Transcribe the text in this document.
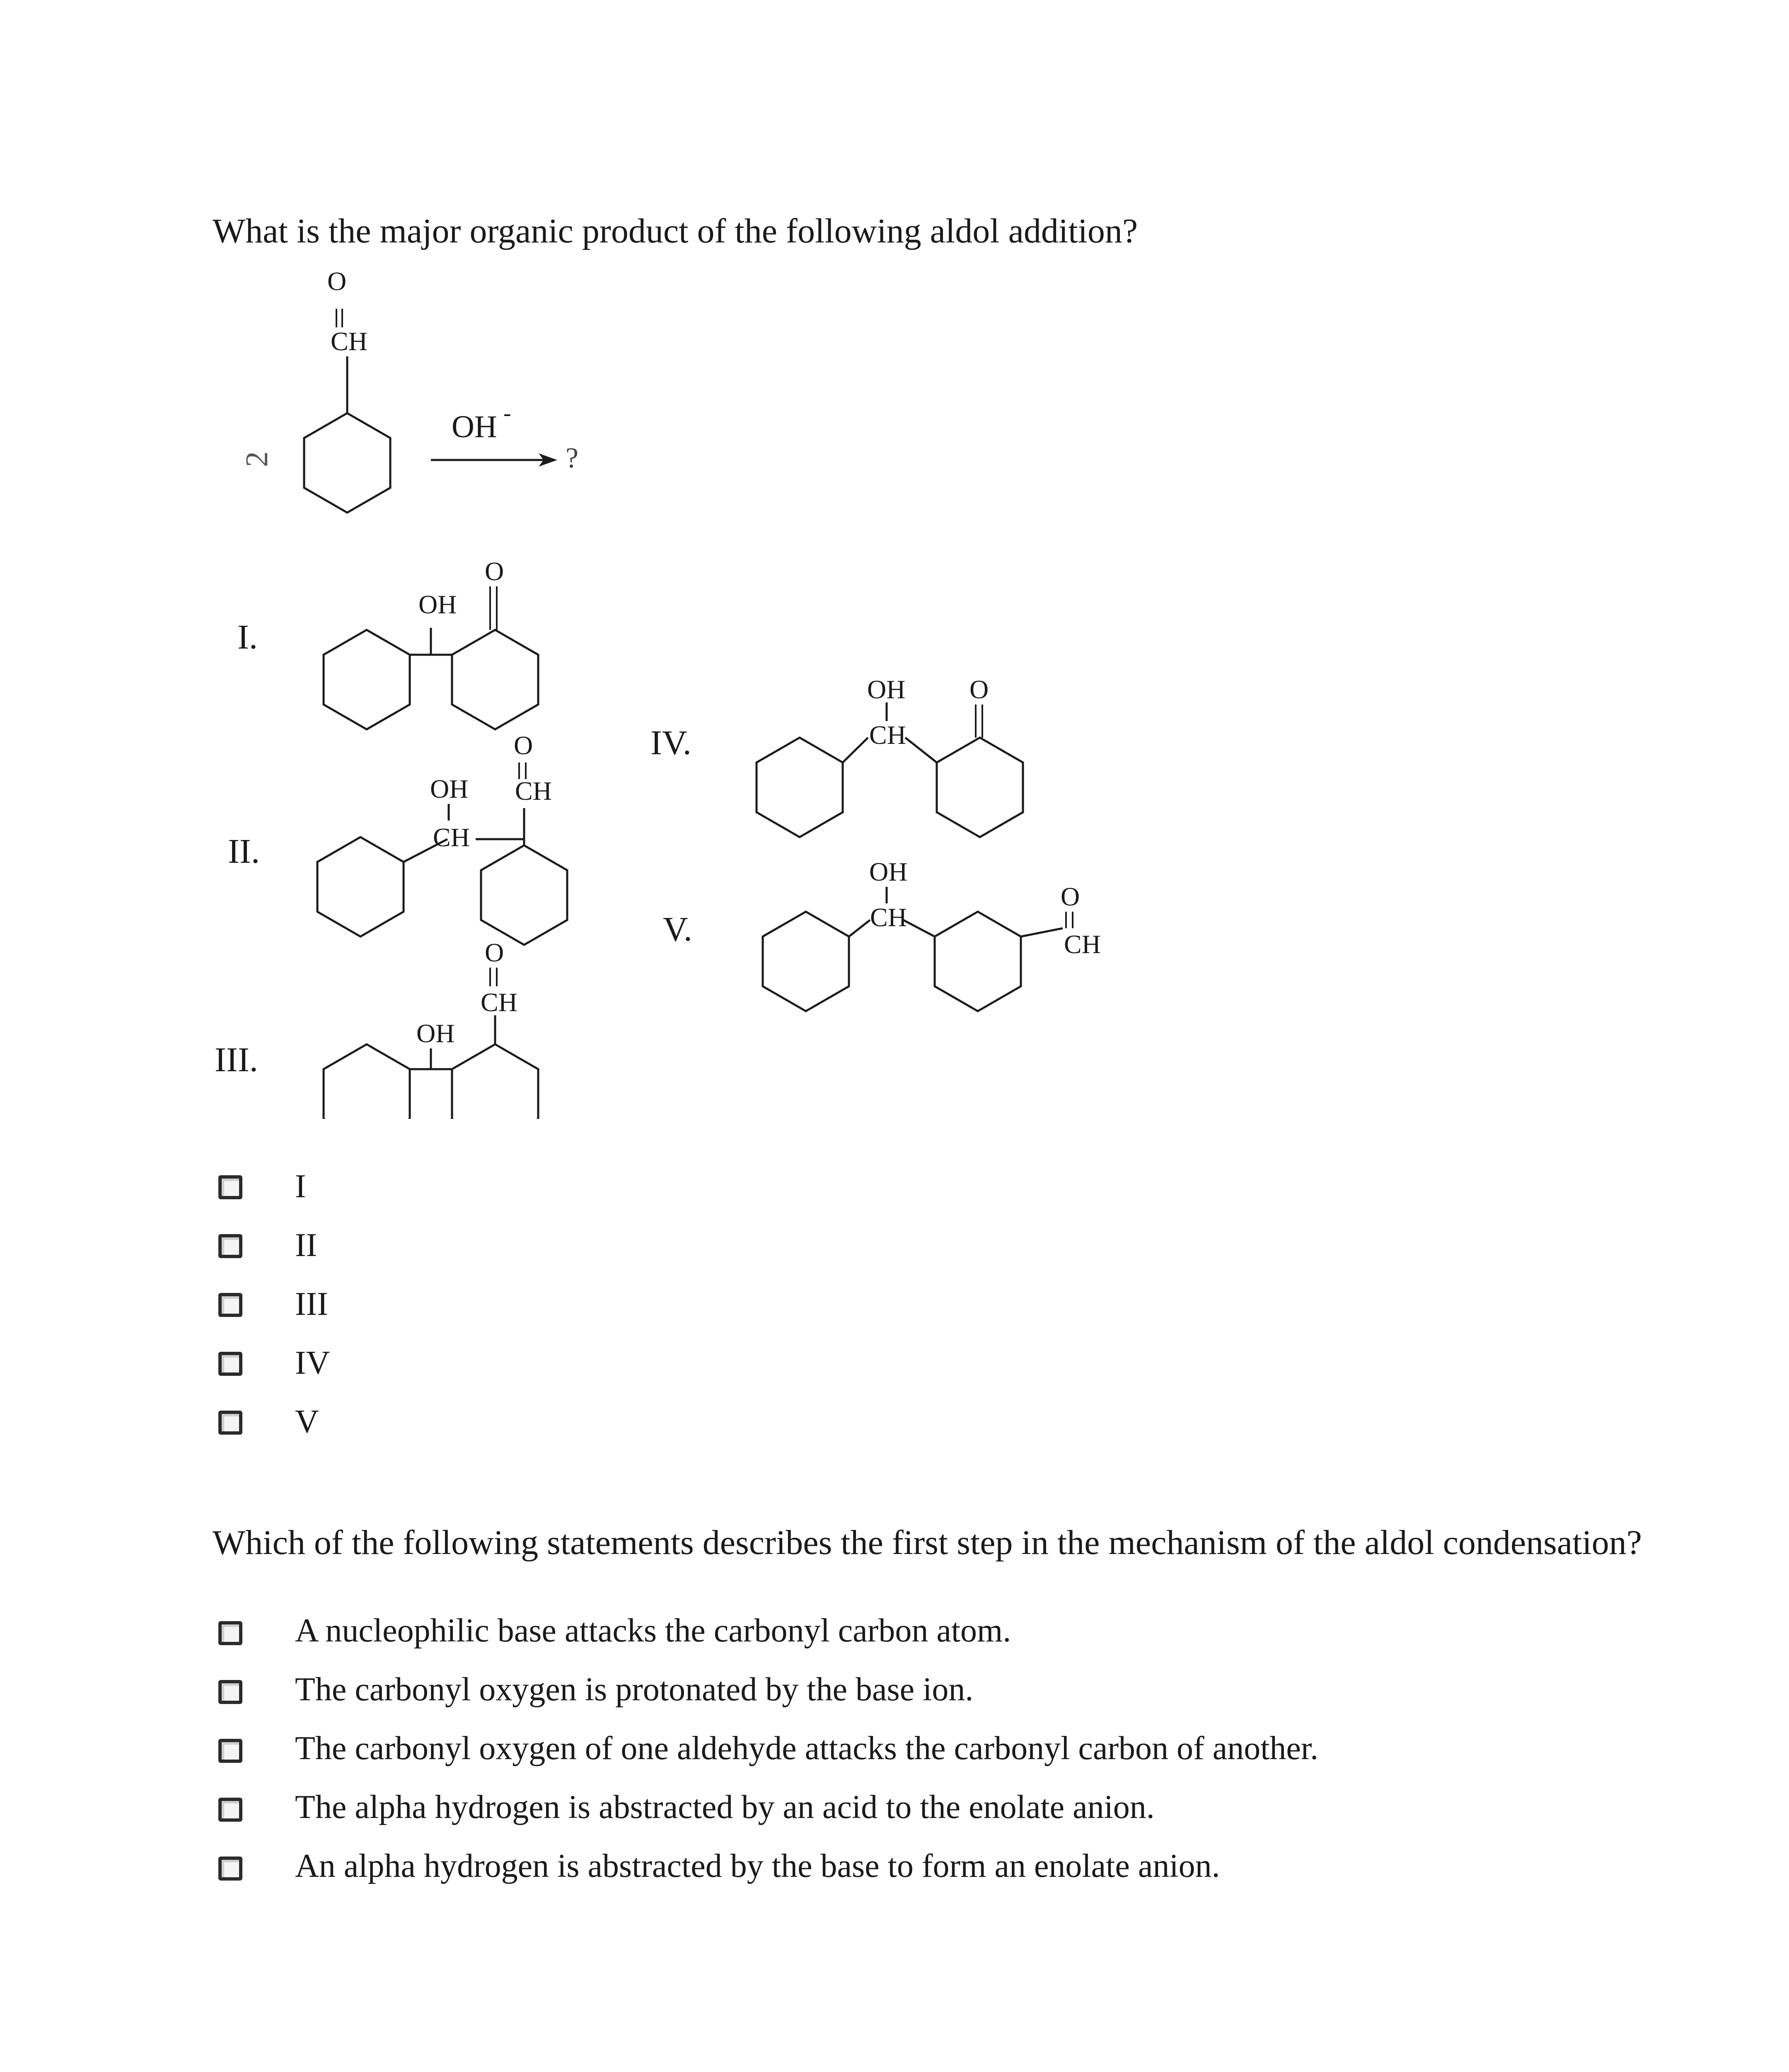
What is the major organic product of the following aldol addition?
O
CH
2
OH -
?
I.
OH
O
II.
OH
CH
O
CH
III.
OH
O
CH
IV.
OH
CH
O
V.
OH
CH
O
CH
I
II
III
IV
V
Which of the following statements describes the first step in the mechanism of the aldol condensation?
A nucleophilic base attacks the carbonyl carbon atom.
The carbonyl oxygen is protonated by the base ion.
The carbonyl oxygen of one aldehyde attacks the carbonyl carbon of another.
The alpha hydrogen is abstracted by an acid to the enolate anion.
An alpha hydrogen is abstracted by the base to form an enolate anion.
